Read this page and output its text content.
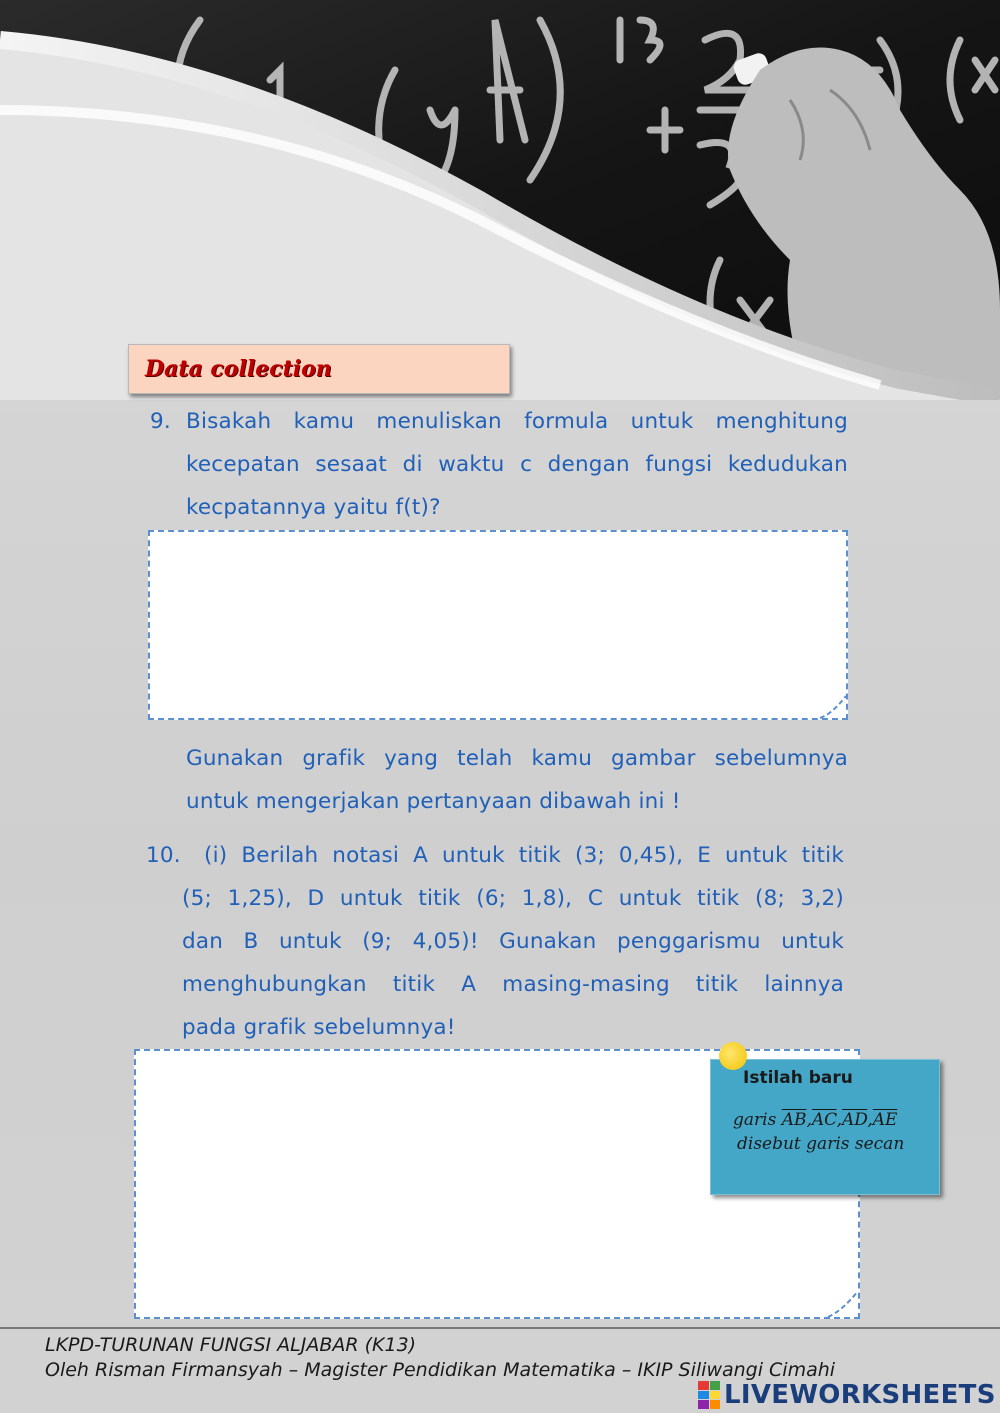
Data collection
9. Bisakah kamu menuliskan formula untuk menghitung
kecepatan sesaat di waktu c dengan fungsi kedudukan
kecpatannya yaitu f(t)?
Gunakan grafik yang telah kamu gambar sebelumnya
untuk mengerjakan pertanyaan dibawah ini !
10.	(i) Berilah notasi A untuk titik (3; 0,45), E untuk titik
(5; 1,25), D untuk titik (6; 1,8), C untuk titik (8; 3,2)
dan B untuk (9; 4,05)! Gunakan penggarismu untuk
menghubungkan titik A masing-masing titik lainnya
pada grafik sebelumnya!
Istilah baru
garis $\overline{AB},\overline{AC},\overline{AD},\overline{AE}$
disebut garis secan
LKPD-TURUNAN FUNGSI ALJABAR (K13)
Oleh Risman Firmansyah – Magister Pendidikan Matematika – IKIP Siliwangi Cimahi
LIVEWORKSHEETS
